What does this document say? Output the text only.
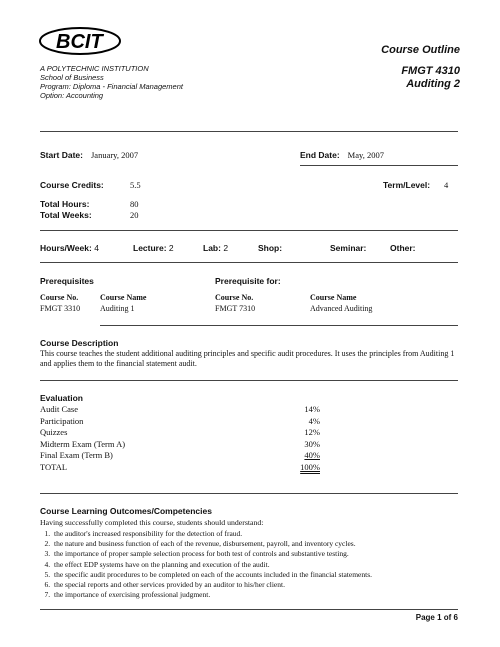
BCIT
A POLYTECHNIC INSTITUTION
School of Business
Program: Diploma - Financial Management
Option: Accounting
Course Outline
FMGT 4310
Auditing 2
Start Date: January, 2007	End Date: May, 2007
Course Credits:	5.5	Term/Level: 4
Total Hours:	80
Total Weeks:	20
Hours/Week: 4	Lecture: 2	Lab: 2	Shop:	Seminar:	Other:
Prerequisites	Prerequisite for:
Course No.	Course Name	Course No.	Course Name
FMGT 3310 Auditing 1	FMGT 7310	Advanced Auditing
Course Description
This course teaches the student additional auditing principles and specific audit procedures. It uses the principles from Auditing 1 and applies them to the financial statement audit.
Evaluation
Audit Case	14%
Participation	4%
Quizzes	12%
Midterm Exam (Term A)	30%
Final Exam (Term B)	40%
TOTAL	100%
Course Learning Outcomes/Competencies
Having successfully completed this course, students should understand:
1. the auditor's increased responsibility for the detection of fraud.
2. the nature and business function of each of the revenue, disbursement, payroll, and inventory cycles.
3. the importance of proper sample selection process for both test of controls and substantive testing.
4. the effect EDP systems have on the planning and execution of the audit.
5. the specific audit procedures to be completed on each of the accounts included in the financial statements.
6. the special reports and other services provided by an auditor to his/her client.
7. the importance of exercising professional judgment.
Page 1 of 6
